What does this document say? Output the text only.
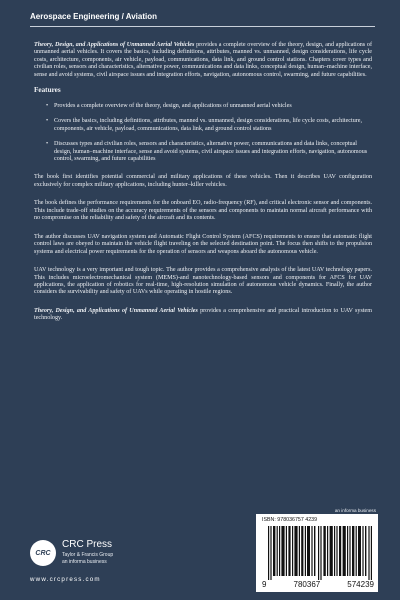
Aerospace Engineering / Aviation

Theory, Design, and Applications of Unmanned Aerial Vehicles provides a complete overview of the theory, design, and applications of unmanned aerial vehicles. It covers the basics, including definitions, attributes, manned vs. unmanned, design considerations, life cycle costs, architecture, components, air vehicle, payload, communications, data link, and ground control stations. Chapters cover types and civilian roles, sensors and characteristics, alternative power, communications and data links, conceptual design, human–machine interface, sense and avoid systems, civil airspace issues and integration efforts, navigation, autonomous control, swarming, and future capabilities.

Features
• Provides a complete overview of the theory, design, and applications of unmanned aerial vehicles
• Covers the basics, including definitions, attributes, manned vs. unmanned, design considerations, life cycle costs, architecture, components, air vehicle, payload, communications, data link, and ground control stations
• Discusses types and civilian roles, sensors and characteristics, alternative power, communications and data links, conceptual design, human–machine interface, sense and avoid systems, civil airspace issues and integration efforts, navigation, autonomous control, swarming, and future capabilities

The book first identifies potential commercial and military applications of these vehicles. Then it describes UAV configuration exclusively for complex military applications, including hunter–killer vehicles.

The book defines the performance requirements for the onboard EO, radio-frequency (RF), and critical electronic sensor and components. This include trade-off studies on the accuracy requirements of the sensors and components to maintain normal aircraft performance with no compromise on the reliability and safety of the aircraft and its contents.

The author discusses UAV navigation system and Automatic Flight Control System (AFCS) requirements to ensure that automatic flight control laws are obeyed to maintain the vehicle flight traveling on the selected destination point. The focus then shifts to the propulsion systems and electrical power requirements for the operation of sensors and weapons aboard the autonomous vehicle.

UAV technology is a very important and tough topic. The author provides a comprehensive analysis of the latest UAV technology papers. This includes microelectromechanical system (MEMS)-and nanotechnology-based sensors and components for AFCS for UAV applications, the application of robotics for real-time, high-resolution simulation of autonomous vehicle dynamics. Finally, the author considers the survivability and safety of UAVs while operating in hostile regions.

Theory, Design, and Applications of Unmanned Aerial Vehicles provides a comprehensive and practical introduction to UAV system technology.

an informa business
CRC
CRC Press
Taylor & Francis Group
an informa business
www.crcpress.com
ISBN: 978036757 4239
9	780367	574239
